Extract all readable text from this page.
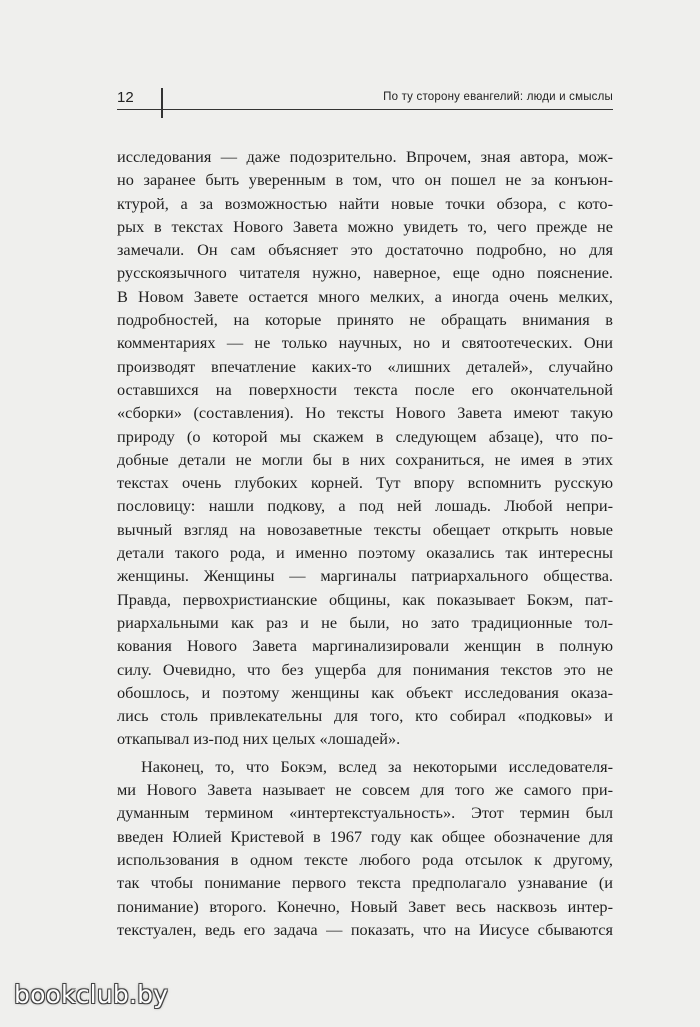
12	По ту сторону евангелий: люди и смыслы
исследования — даже подозрительно. Впрочем, зная автора, мож-
но заранее быть уверенным в том, что он пошел не за конъюн-
ктурой, а за возможностью найти новые точки обзора, с кото-
рых в текстах Нового Завета можно увидеть то, чего прежде не
замечали. Он сам объясняет это достаточно подробно, но для
русскоязычного читателя нужно, наверное, еще одно пояснение.
В Новом Завете остается много мелких, а иногда очень мелких,
подробностей, на которые принято не обращать внимания в
комментариях — не только научных, но и святоотеческих. Они
производят впечатление каких-то «лишних деталей», случайно
оставшихся на поверхности текста после его окончательной
«сборки» (составления). Но тексты Нового Завета имеют такую
природу (о которой мы скажем в следующем абзаце), что по-
добные детали не могли бы в них сохраниться, не имея в этих
текстах очень глубоких корней. Тут впору вспомнить русскую
пословицу: нашли подкову, а под ней лошадь. Любой непри-
вычный взгляд на новозаветные тексты обещает открыть новые
детали такого рода, и именно поэтому оказались так интересны
женщины. Женщины — маргиналы патриархального общества.
Правда, первохристианские общины, как показывает Бокэм, пат-
риархальными как раз и не были, но зато традиционные тол-
кования Нового Завета маргинализировали женщин в полную
силу. Очевидно, что без ущерба для понимания текстов это не
обошлось, и поэтому женщины как объект исследования оказа-
лись столь привлекательны для того, кто собирал «подковы» и
откапывал из-под них целых «лошадей».
Наконец, то, что Бокэм, вслед за некоторыми исследователя-
ми Нового Завета называет не совсем для того же самого при-
думанным термином «интертекстуальность». Этот термин был
введен Юлией Кристевой в 1967 году как общее обозначение для
использования в одном тексте любого рода отсылок к другому,
так чтобы понимание первого текста предполагало узнавание (и
понимание) второго. Конечно, Новый Завет весь насквозь интер-
текстуален, ведь его задача — показать, что на Иисусе сбываются
bookclub.by
